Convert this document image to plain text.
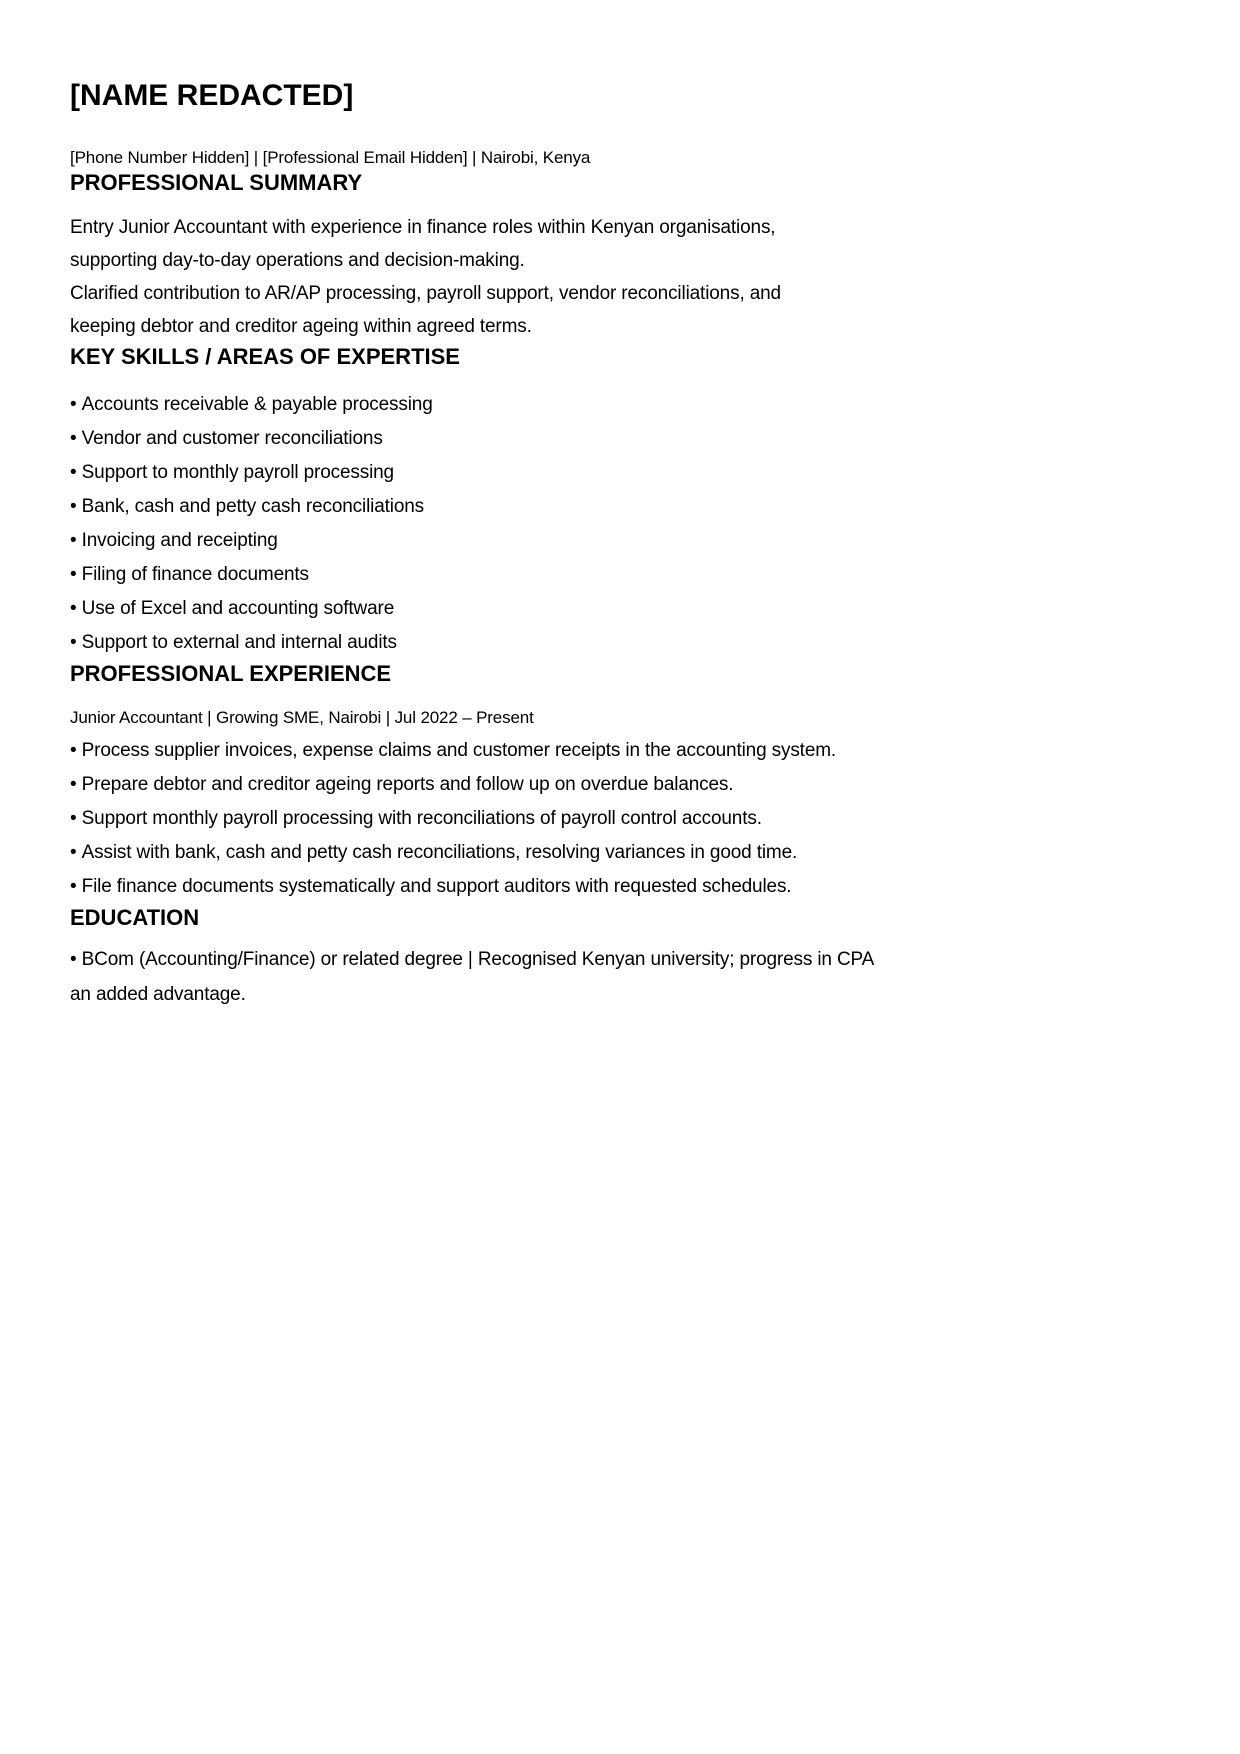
[NAME REDACTED]
[Phone Number Hidden] | [Professional Email Hidden] | Nairobi, Kenya
PROFESSIONAL SUMMARY
Entry Junior Accountant with experience in finance roles within Kenyan organisations,
supporting day-to-day operations and decision-making.
Clarified contribution to AR/AP processing, payroll support, vendor reconciliations, and
keeping debtor and creditor ageing within agreed terms.
KEY SKILLS / AREAS OF EXPERTISE
• Accounts receivable & payable processing
• Vendor and customer reconciliations
• Support to monthly payroll processing
• Bank, cash and petty cash reconciliations
• Invoicing and receipting
• Filing of finance documents
• Use of Excel and accounting software
• Support to external and internal audits
PROFESSIONAL EXPERIENCE
Junior Accountant | Growing SME, Nairobi | Jul 2022 – Present
• Process supplier invoices, expense claims and customer receipts in the accounting system.
• Prepare debtor and creditor ageing reports and follow up on overdue balances.
• Support monthly payroll processing with reconciliations of payroll control accounts.
• Assist with bank, cash and petty cash reconciliations, resolving variances in good time.
• File finance documents systematically and support auditors with requested schedules.
EDUCATION
• BCom (Accounting/Finance) or related degree | Recognised Kenyan university; progress in CPA
an added advantage.
